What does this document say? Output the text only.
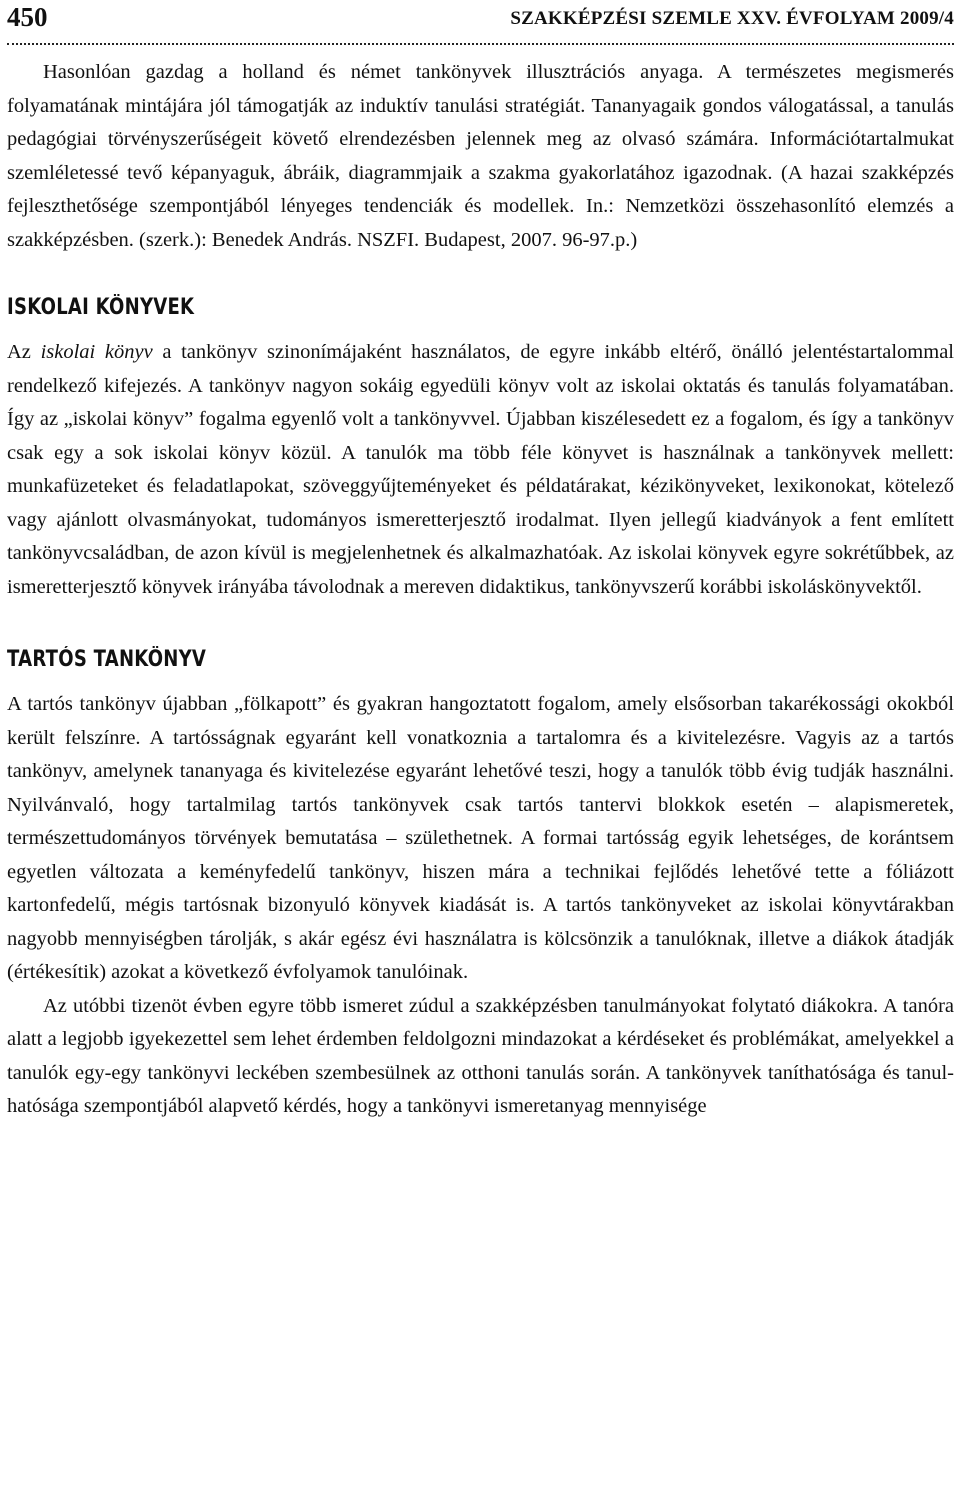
450	SZAKKÉPZÉSI SZEMLE XXV. ÉVFOLYAM 2009/4

Hasonlóan gazdag a holland és német tankönyvek illusztrációs anyaga. A természetes megismerés folyamatának mintájára jól támogatják az induktív tanulási stratégiát. Tananyagaik gondos válogatással, a tanulás pedagógiai törvényszerűségeit követő elrendezésben jelennek meg az olvasó számára. Információtartalmukat szemléletessé tevő képanyaguk, ábráik, diagrammjaik a szakma gyakorlatához igazodnak. (A hazai szakképzés fejleszthetősége szempontjából lényeges tendenciák és modellek. In.: Nemzetközi összehasonlító elemzés a szakképzésben. (szerk.): Benedek András. NSZFI. Budapest, 2007. 96-97.p.)

ISKOLAI KÖNYVEK

Az iskolai könyv a tankönyv szinonímájaként használatos, de egyre inkább eltérő, önálló jelentéstartalommal rendelkező kifejezés. A tankönyv nagyon sokáig egyedüli könyv volt az iskolai oktatás és tanulás folyamatában. Így az „iskolai könyv” fogalma egyenlő volt a tankönyvvel. Újabban kiszélesedett ez a fogalom, és így a tankönyv csak egy a sok iskolai könyv közül. A tanulók ma több féle könyvet is használnak a tankönyvek mellett: munkafüzeteket és feladatlapokat, szöveggyűjteményeket és példatárakat, kézikönyveket, lexikonokat, kötelező vagy ajánlott olvasmányokat, tudományos ismeretterjesztő irodalmat. Ilyen jellegű kiadványok a fent említett tankönyvcsaládban, de azon kívül is megjelenhetnek és alkalmazhatóak. Az iskolai könyvek egyre sokrétűbbek, az ismeretterjesztő könyvek irányába távolodnak a mereven didaktikus, tankönyvszerű korábbi iskoláskönyvektől.

TARTÓS TANKÖNYV

A tartós tankönyv újabban „fölkapott” és gyakran hangoztatott fogalom, amely elsősorban takarékossági okokból került felszínre. A tartósságnak egyaránt kell vonatkoznia a tartalomra és a kivitelezésre. Vagyis az a tartós tankönyv, amelynek tananyaga és kivitelezése egyaránt lehetővé teszi, hogy a tanulók több évig tudják használni. Nyilvánvaló, hogy tartalmilag tartós tankönyvek csak tartós tantervi blokkok esetén – alapismeretek, természettudományos törvények bemutatása – születhetnek. A formai tartósság egyik lehetséges, de korántsem egyetlen változata a keményfedelű tankönyv, hiszen mára a technikai fejlődés lehetővé tette a fóliázott kartonfedelű, mégis tartósnak bizonyuló könyvek kiadását is. A tartós tankönyveket az iskolai könyvtárakban nagyobb mennyiségben tárolják, s akár egész évi használatra is kölcsönzik a tanulóknak, illetve a diákok átadják (értékesítik) azokat a következő évfolyamok tanulóinak.

Az utóbbi tizenöt évben egyre több ismeret zúdul a szakképzésben tanulmányokat folytató diákokra. A tanóra alatt a legjobb igyekezettel sem lehet érdemben feldolgozni mindazokat a kérdéseket és problémákat, amelyekkel a tanulók egy-egy tankönyvi leckében szembesülnek az otthoni tanulás során. A tankönyvek taníthatósága és tanulhatósága szempontjából alapvető kérdés, hogy a tankönyvi ismeretanyag mennyisége
